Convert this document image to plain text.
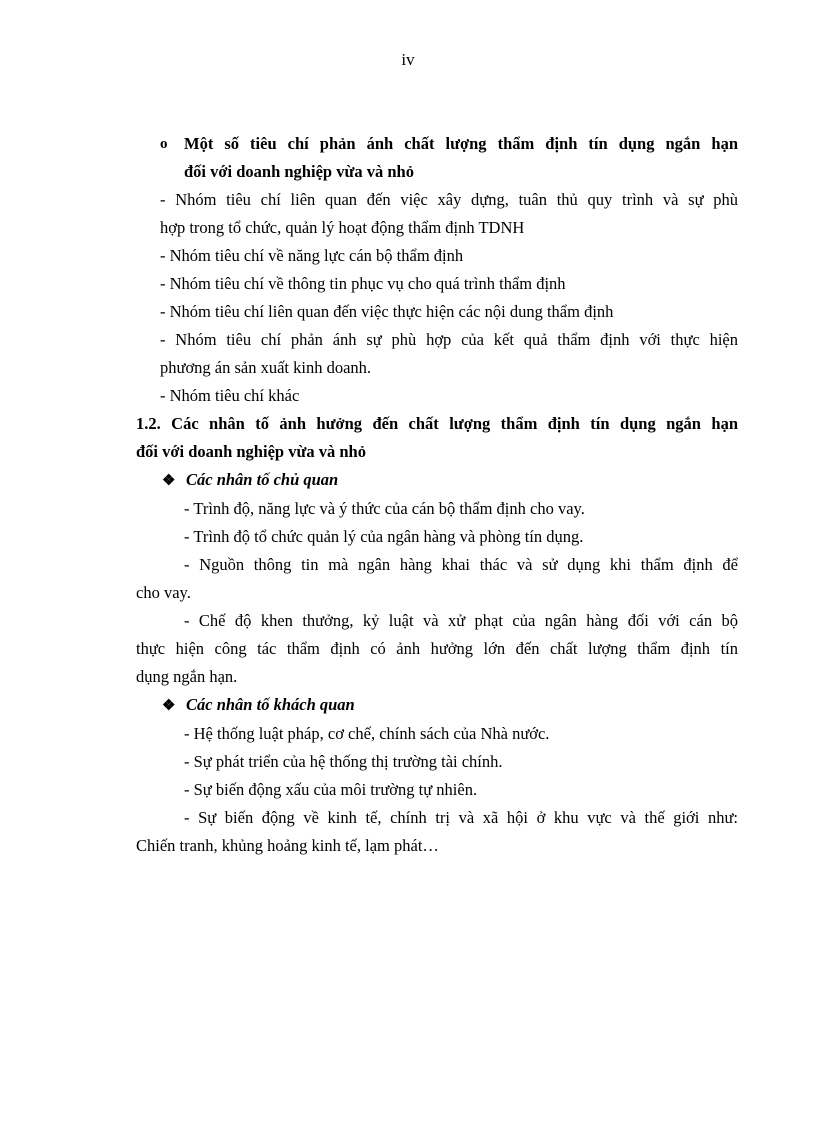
iv
o Một số tiêu chí phản ánh chất lượng thẩm định tín dụng ngắn hạn
đối với doanh nghiệp vừa và nhỏ
- Nhóm tiêu chí liên quan đến việc xây dựng, tuân thủ quy trình và sự phù
hợp trong tổ chức, quản lý hoạt động thẩm định TDNH
- Nhóm tiêu chí về năng lực cán bộ thẩm định
- Nhóm tiêu chí về thông tin phục vụ cho quá trình thẩm định
- Nhóm tiêu chí liên quan đến việc thực hiện các nội dung thẩm định
- Nhóm tiêu chí phản ánh sự phù hợp của kết quả thẩm định với thực hiện
phương án sản xuất kinh doanh.
- Nhóm tiêu chí khác
1.2. Các nhân tố ảnh hưởng đến chất lượng thẩm định tín dụng ngắn hạn
đối với doanh nghiệp vừa và nhỏ
❖ Các nhân tố chủ quan
- Trình độ, năng lực và ý thức của cán bộ thẩm định cho vay.
- Trình độ tổ chức quản lý của ngân hàng và phòng tín dụng.
- Nguồn thông tin mà ngân hàng khai thác và sử dụng khi thẩm định để
cho vay.
- Chế độ khen thưởng, kỷ luật và xử phạt của ngân hàng đối với cán bộ
thực hiện công tác thẩm định có ảnh hưởng lớn đến chất lượng thẩm định tín
dụng ngắn hạn.
❖ Các nhân tố khách quan
- Hệ thống luật pháp, cơ chế, chính sách của Nhà nước.
- Sự phát triển của hệ thống thị trường tài chính.
- Sự biến động xấu của môi trường tự nhiên.
- Sự biến động về kinh tế, chính trị và xã hội ở khu vực và thế giới như:
Chiến tranh, khủng hoảng kinh tế, lạm phát…
